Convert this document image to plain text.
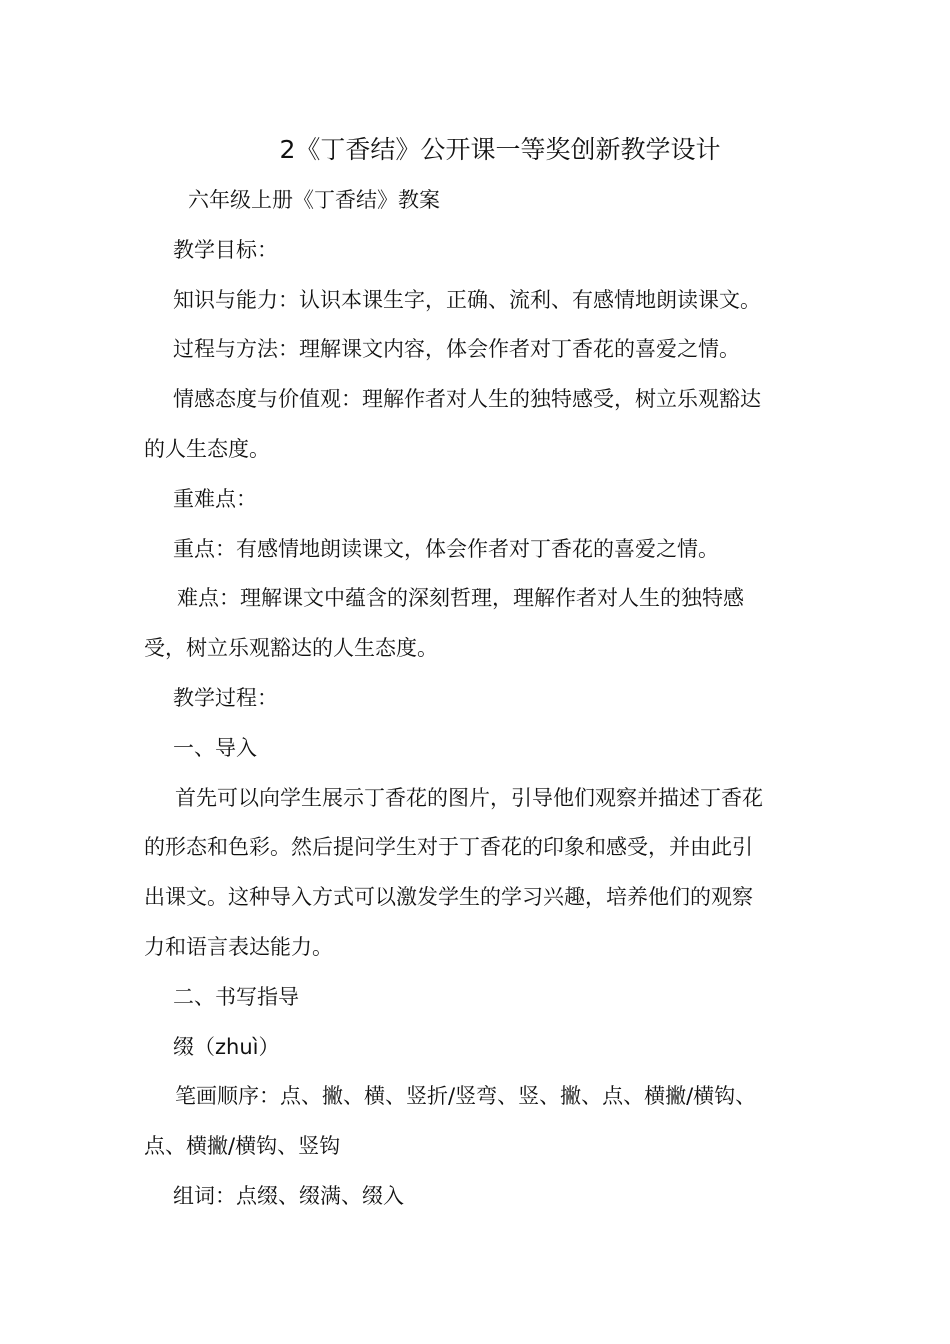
2《丁香结》公开课一等奖创新教学设计

六年级上册《丁香结》教案

教学目标：

知识与能力：认识本课生字，正确、流利、有感情地朗读课文。

过程与方法：理解课文内容，体会作者对丁香花的喜爱之情。

情感态度与价值观：理解作者对人生的独特感受，树立乐观豁达

的人生态度。

重难点：

重点：有感情地朗读课文，体会作者对丁香花的喜爱之情。

难点：理解课文中蕴含的深刻哲理，理解作者对人生的独特感

受，树立乐观豁达的人生态度。

教学过程：

一、导入

首先可以向学生展示丁香花的图片，引导他们观察并描述丁香花

的形态和色彩。然后提问学生对于丁香花的印象和感受，并由此引

出课文。这种导入方式可以激发学生的学习兴趣，培养他们的观察

力和语言表达能力。

二、书写指导

缀（zhuì）

笔画顺序：点、撇、横、竖折/竖弯、竖、撇、点、横撇/横钩、

点、横撇/横钩、竖钩

组词：点缀、缀满、缀入
